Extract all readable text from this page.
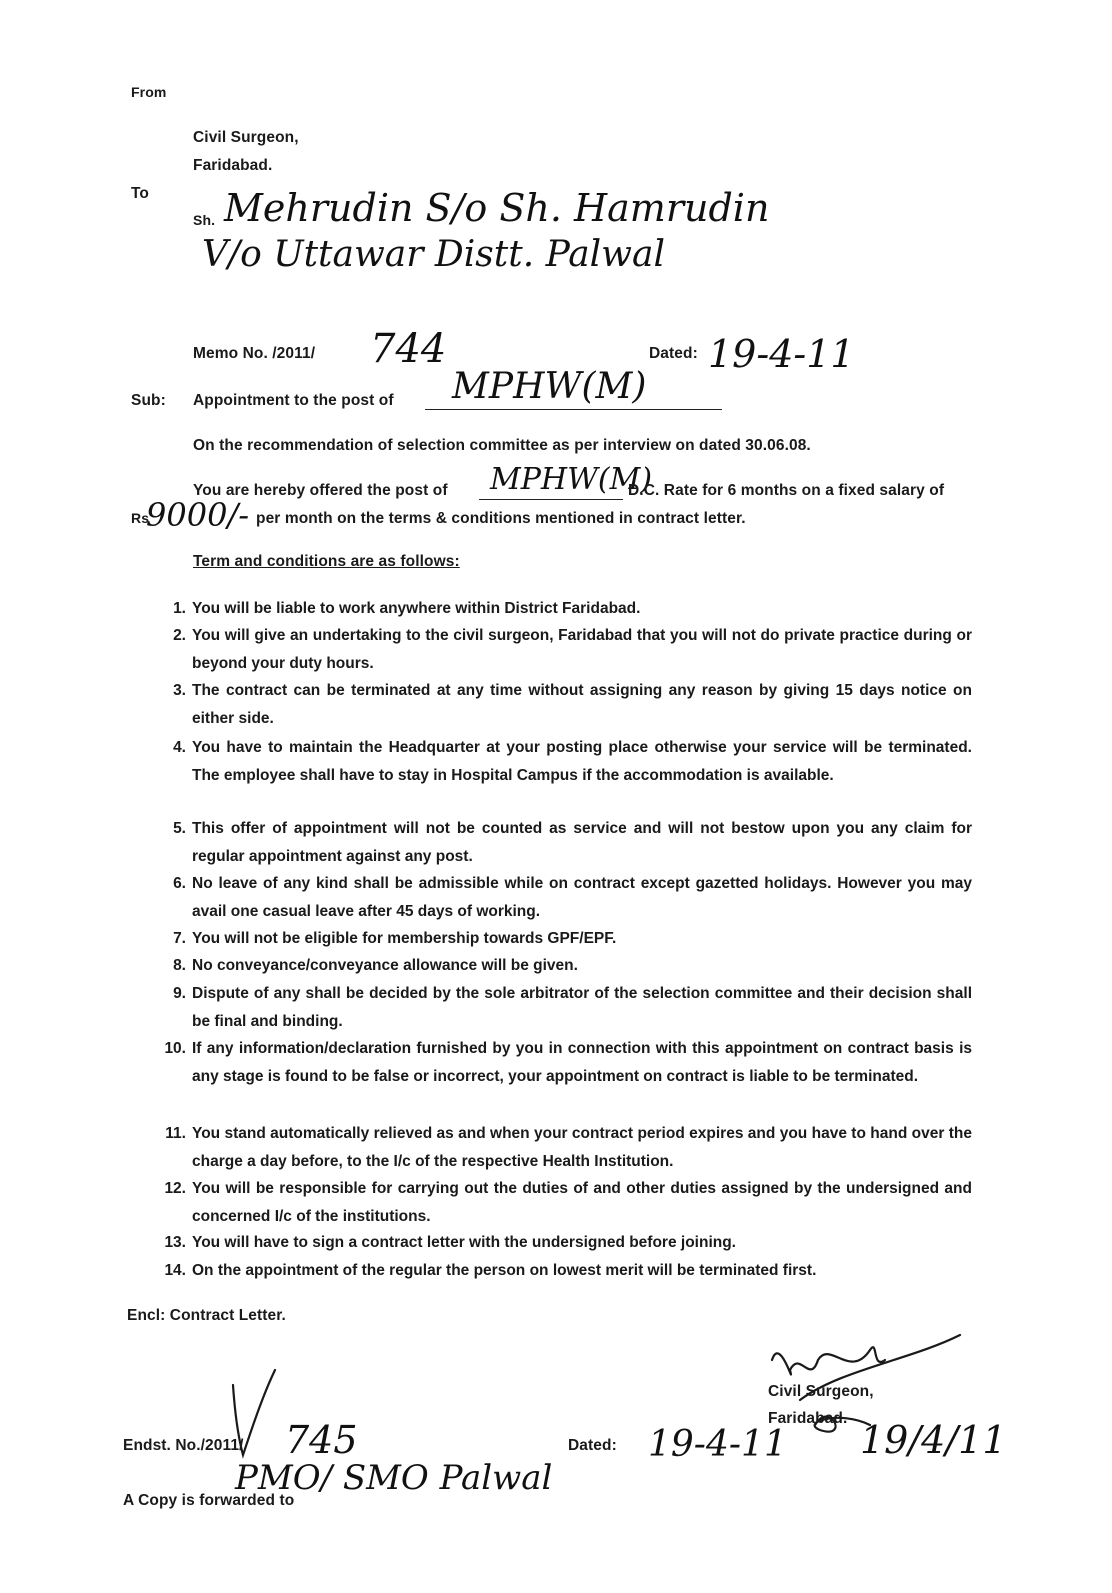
From
Civil Surgeon,
Faridabad.
To
Sh. Mehrudin S/o Sh. Hamrudin
V/o Uttawar Distt. Palwal
Memo No. /2011/ 744	Dated: 19-4-11
Sub: Appointment to the post of MPHW(M)
On the recommendation of selection committee as per interview on dated 30.06.08.
You are hereby offered the post of MPHW(M)
D.C. Rate for 6 months on a fixed salary of
Rs
9000/- per month on the terms & conditions mentioned in contract letter.
Term and conditions are as follows:
1. You will be liable to work anywhere within District Faridabad.
2. You will give an undertaking to the civil surgeon, Faridabad that you will not do private practice during or beyond your duty hours.
3. The contract can be terminated at any time without assigning any reason by giving 15 days notice on either side.
4. You have to maintain the Headquarter at your posting place otherwise your service will be terminated. The employee shall have to stay in Hospital Campus if the accommodation is available.
5. This offer of appointment will not be counted as service and will not bestow upon you any claim for regular appointment against any post.
6. No leave of any kind shall be admissible while on contract except gazetted holidays. However you may avail one casual leave after 45 days of working.
7. You will not be eligible for membership towards GPF/EPF.
8. No conveyance/conveyance allowance will be given.
9. Dispute of any shall be decided by the sole arbitrator of the selection committee and their decision shall be final and binding.
10. If any information/declaration furnished by you in connection with this appointment on contract basis is any stage is found to be false or incorrect, your appointment on contract is liable to be terminated.
11. You stand automatically relieved as and when your contract period expires and you have to hand over the charge a day before, to the I/c of the respective Health Institution.
12. You will be responsible for carrying out the duties of and other duties assigned by the undersigned and concerned I/c of the institutions.
13. You will have to sign a contract letter with the undersigned before joining.
14. On the appointment of the regular the person on lowest merit will be terminated first.
Encl: Contract Letter.
Civil Surgeon,
Faridabad. 19/4/11
Endst. No./2011/ 745	Dated: 19-4-11
PMO/ SMO Palwal
A Copy is forwarded to
